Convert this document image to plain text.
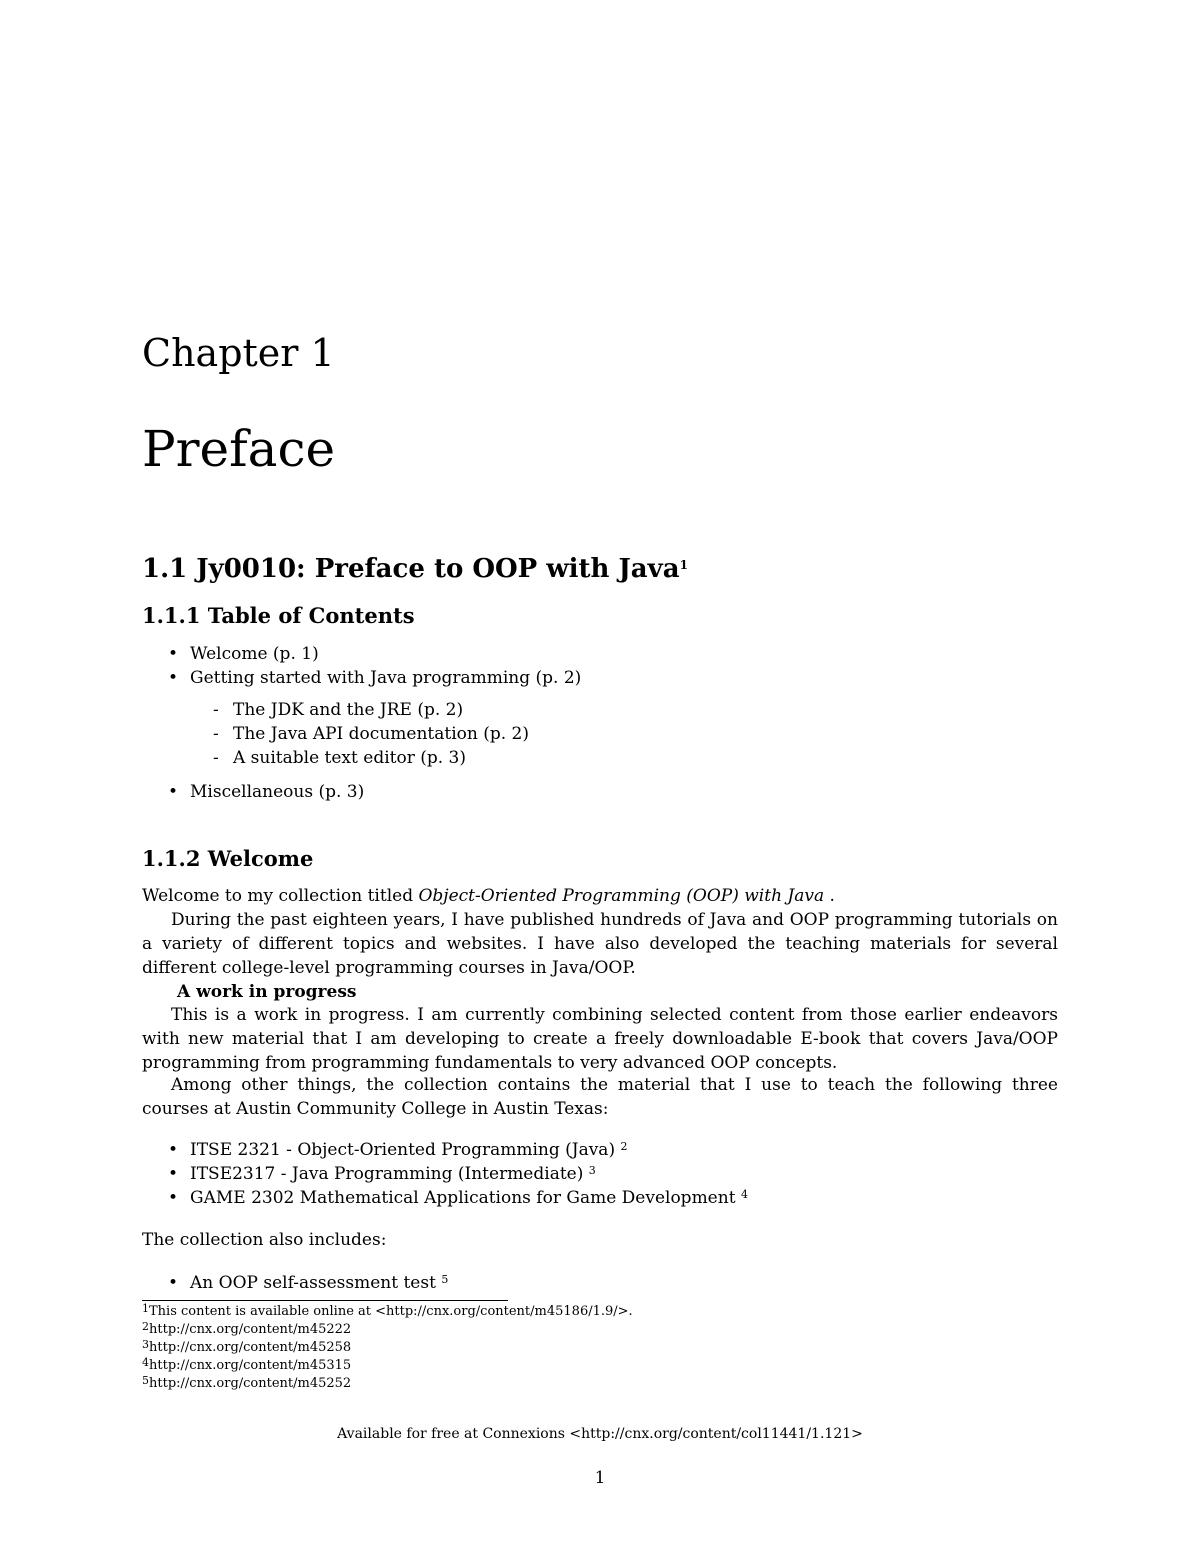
Chapter 1
Preface
1.1 Jy0010: Preface to OOP with Java$^1$
1.1.1 Table of Contents
• Welcome (p. 1)
• Getting started with Java programming (p. 2)
- The JDK and the JRE (p. 2)
- The Java API documentation (p. 2)
- A suitable text editor (p. 3)
• Miscellaneous (p. 3)
1.1.2 Welcome
Welcome to my collection titled Object-Oriented Programming (OOP) with Java .
During the past eighteen years, I have published hundreds of Java and OOP programming tutorials on a variety of different topics and websites. I have also developed the teaching materials for several different college-level programming courses in Java/OOP.
A work in progress
This is a work in progress. I am currently combining selected content from those earlier endeavors with new material that I am developing to create a freely downloadable E-book that covers Java/OOP programming from programming fundamentals to very advanced OOP concepts.
Among other things, the collection contains the material that I use to teach the following three courses at Austin Community College in Austin Texas:
• ITSE 2321 - Object-Oriented Programming (Java) $^2$
• ITSE2317 - Java Programming (Intermediate) $^3$
• GAME 2302 Mathematical Applications for Game Development $^4$
The collection also includes:
• An OOP self-assessment test $^5$
$^1$This content is available online at <http://cnx.org/content/m45186/1.9/>.
$^2$http://cnx.org/content/m45222
$^3$http://cnx.org/content/m45258
$^4$http://cnx.org/content/m45315
$^5$http://cnx.org/content/m45252
Available for free at Connexions <http://cnx.org/content/col11441/1.121>
1
